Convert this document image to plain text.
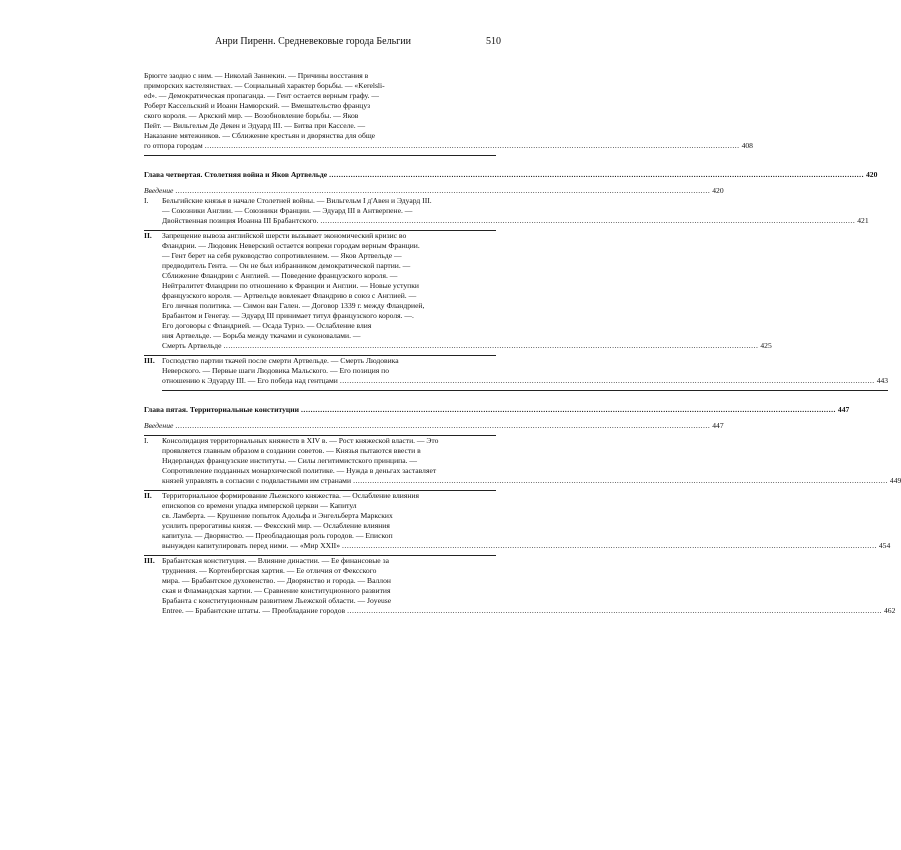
Анри Пиренн. Средневековые города Бельгии	510
Брюгге заодно с ним. — Николай Заннекин. — Причины восстания в
приморских кастелянствах. — Социальный характер борьбы. — «Kerelsli-
ed». — Демократическая пропаганда. — Гент остается верным графу. —
Роберт Кассельский и Иоанн Намюрский. — Вмешательство француз
ского короля. — Аркский мир. — Возобновление борьбы. — Яков
Пейт. — Вильгельм Де Декен и Эдуард III. — Битва при Касселе. —
Наказание мятежников. — Сближение крестьян и дворянства для обще
го отпора городам .....	408
Глава четвертая. Столетняя война и Яков Артвельде .....	420
Введение .....	420
I.	Бельгийские князья в начале Столетней войны. — Вильгельм I д'Авен и Эдуард III.
— Союзники Англии. — Союзники Франции. — Эдуард III в Антверпене. —
Двойственная позиция Иоанна III Брабантского. .....	421
II.	Запрещение вывоза английской шерсти вызывает экономический кризис во
Фландрии. — Людовик Неверский остается вопреки городам верным Франции.
— Гент берет на себя руководство сопротивлением. — Яков Артвельде —
предводитель Гента. — Он не был избранником демократической партии. —
Сближение Фландрии с Англией. — Поведение французского короля. —
Нейтралитет Фландрии по отношению к Франции и Англии. — Новые уступки
французского короля. — Артвельде вовлекает Фландрию в союз с Англией. —
Его личная политика. — Симон ван Гален. — Договор 1339 г. между Фландрией,
Брабантом и Генегау. — Эдуард III принимает титул французского короля. —.
Его договоры с Фландрией. — Осада Турнэ. — Ослабление влия
ния Артвельде. — Борьба между ткачами и суконовалами. —
Смерть Артвельде .....	425
III. Господство партии ткачей после смерти Артвельде. — Смерть Людовика
Неверского. — Первые шаги Людовика Мальского. — Его позиция по
отношению к Эдуарду III. — Его победа над гентцами .....	443
Глава пятая. Территориальные конституции .....	447
Введение .....	447
I.	Консолидация территориальных княжеств в XIV в. — Рост княжеской власти. — Это
проявляется главным образом в создании советов. — Князья пытаются ввести в
Нидерландах французские институты. — Силы легитимистского принципа. —
Сопротивление подданных монархической политике. — Нужда в деньгах заставляет
князей управлять в согласии с подвластными им странами .....	449
II.	Территориальное формирование Льежского княжества. — Ослабление влияния
епископов со времени упадка имперской церкви — Капитул
св. Ламберта. — Крушение попыток Адольфа и Энгельберта Маркских
усилить прерогативы князя. — Фексский мир. — Ослабление влияния
капитула. — Дворянство. — Преобладающая роль городов. — Епископ
вынужден капитулировать перед ними. — «Мир XXII» .....	454
III. Брабантская конституция. — Влияние династии. — Ее финансовые за
труднения. — Кортенбергская хартия. — Ее отличия от Фексского
мира. — Брабантское духовенство. — Дворянство и города. — Валлон
ская и Фламандская хартии. — Сравнение конституционного развития
Брабанта с конституционным развитием Льежской области. — Joyeuse
Entree. — Брабантские штаты. — Преобладание городов .....	462
